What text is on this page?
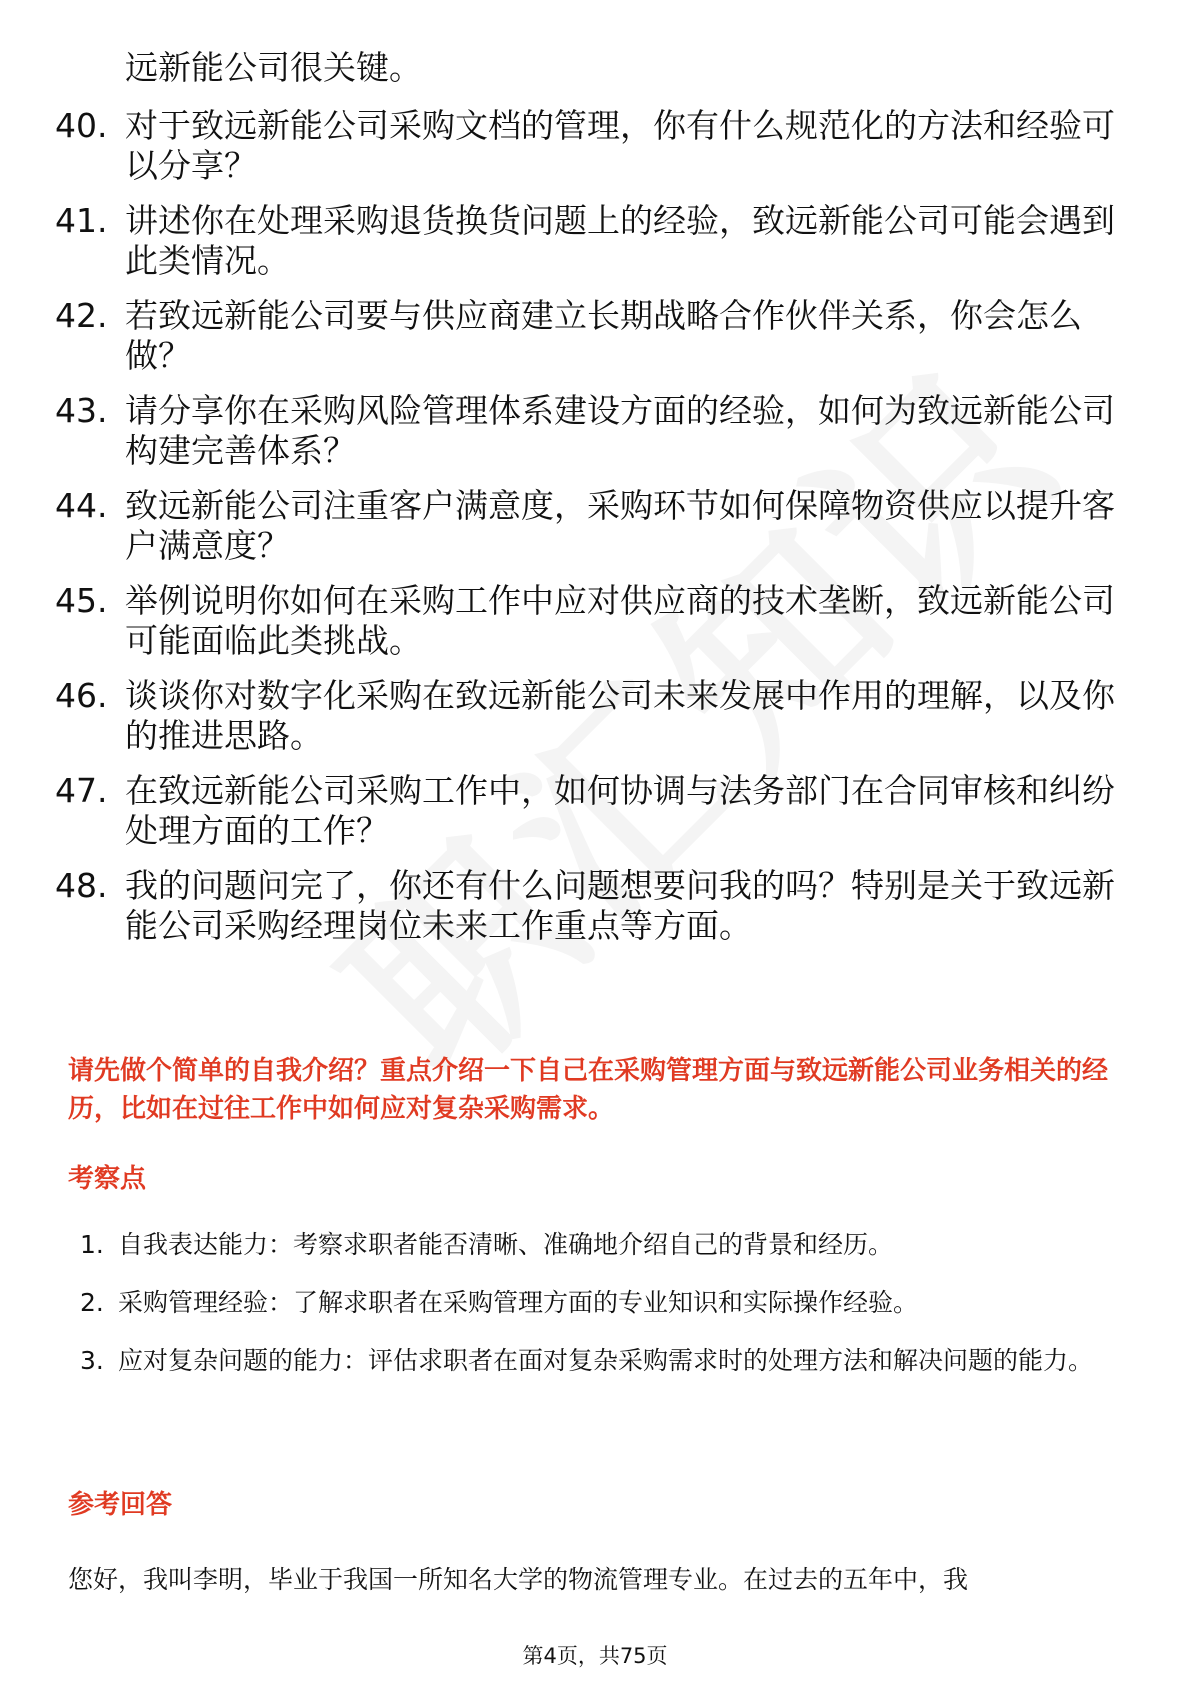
远新能公司很关键。

40. 对于致远新能公司采购文档的管理，你有什么规范化的方法和经验可以分享？
41. 讲述你在处理采购退货换货问题上的经验，致远新能公司可能会遇到此类情况。
42. 若致远新能公司要与供应商建立长期战略合作伙伴关系，你会怎么做？
43. 请分享你在采购风险管理体系建设方面的经验，如何为致远新能公司构建完善体系？
44. 致远新能公司注重客户满意度，采购环节如何保障物资供应以提升客户满意度？
45. 举例说明你如何在采购工作中应对供应商的技术垄断，致远新能公司可能面临此类挑战。
46. 谈谈你对数字化采购在致远新能公司未来发展中作用的理解，以及你的推进思路。
47. 在致远新能公司采购工作中，如何协调与法务部门在合同审核和纠纷处理方面的工作？
48. 我的问题问完了，你还有什么问题想要问我的吗？特别是关于致远新能公司采购经理岗位未来工作重点等方面。
请先做个简单的自我介绍？重点介绍一下自己在采购管理方面与致远新能公司业务相关的经历，比如在过往工作中如何应对复杂采购需求。
考察点
1. 自我表达能力：考察求职者能否清晰、准确地介绍自己的背景和经历。
2. 采购管理经验：了解求职者在采购管理方面的专业知识和实际操作经验。
3. 应对复杂问题的能力：评估求职者在面对复杂采购需求时的处理方法和解决问题的能力。
参考回答
您好，我叫李明，毕业于我国一所知名大学的物流管理专业。在过去的五年中，我
第4页，共75页
